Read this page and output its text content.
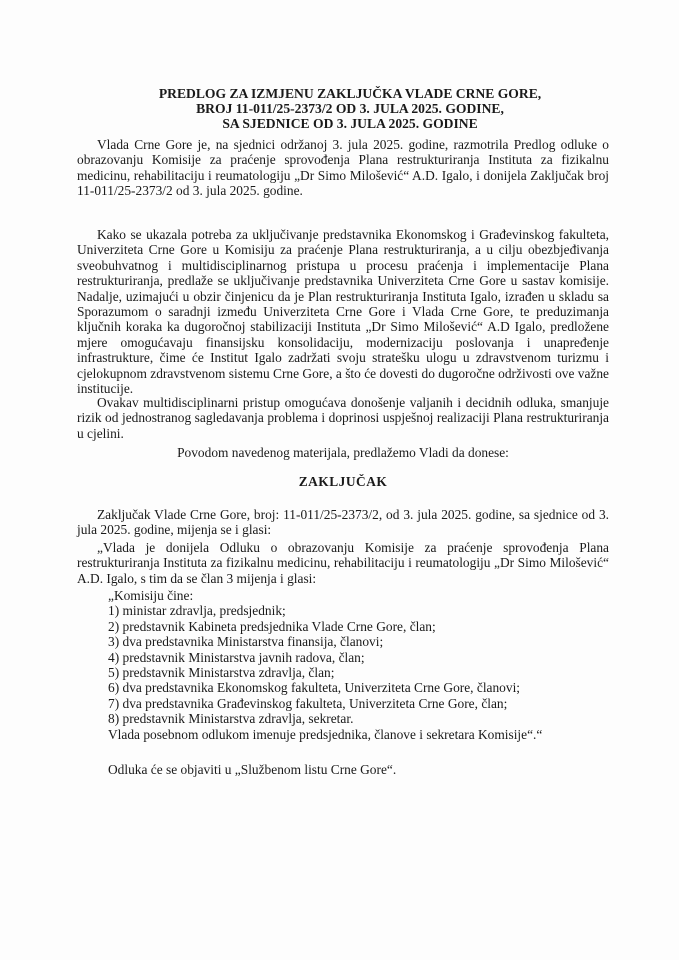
PREDLOG ZA IZMJENU ZAKLJUČKA VLADE CRNE GORE,
BROJ 11-011/25-2373/2 OD 3. JULA 2025. GODINE,
SA SJEDNICE OD 3. JULA 2025. GODINE
Vlada Crne Gore je, na sjednici održanoj 3. jula 2025. godine, razmotrila Predlog odluke o obrazovanju Komisije za praćenje sprovođenja Plana restrukturiranja Instituta za fizikalnu medicinu, rehabilitaciju i reumatologiju „Dr Simo Milošević“ A.D. Igalo, i donijela Zaključak broj 11-011/25-2373/2 od 3. jula 2025. godine.
Kako se ukazala potreba za uključivanje predstavnika Ekonomskog i Građevinskog fakulteta, Univerziteta Crne Gore u Komisiju za praćenje Plana restrukturiranja, a u cilju obezbjeđivanja sveobuhvatnog i multidisciplinarnog pristupa u procesu praćenja i implementacije Plana restrukturiranja, predlaže se uključivanje predstavnika Univerziteta Crne Gore u sastav komisije. Nadalje, uzimajući u obzir činjenicu da je Plan restrukturiranja Instituta Igalo, izrađen u skladu sa Sporazumom o saradnji između Univerziteta Crne Gore i Vlada Crne Gore, te preduzimanja ključnih koraka ka dugoročnoj stabilizaciji Instituta „Dr Simo Milošević“ A.D Igalo, predložene mjere omogućavaju finansijsku konsolidaciju, modernizaciju poslovanja i unapređenje infrastrukture, čime će Institut Igalo zadržati svoju stratešku ulogu u zdravstvenom turizmu i cjelokupnom zdravstvenom sistemu Crne Gore, a što će dovesti do dugoročne održivosti ove važne institucije.
Ovakav multidisciplinarni pristup omogućava donošenje valjanih i decidnih odluka, smanjuje rizik od jednostranog sagledavanja problema i doprinosi uspješnoj realizaciji Plana restrukturiranja u cjelini.
Povodom navedenog materijala, predlažemo Vladi da donese:
ZAKLJUČAK
Zaključak Vlade Crne Gore, broj: 11-011/25-2373/2, od 3. jula 2025. godine, sa sjednice od 3. jula 2025. godine, mijenja se i glasi:
„Vlada je donijela Odluku o obrazovanju Komisije za praćenje sprovođenja Plana restrukturiranja Instituta za fizikalnu medicinu, rehabilitaciju i reumatologiju „Dr Simo Milošević“ A.D. Igalo, s tim da se član 3 mijenja i glasi:
„Komisiju čine:
1) ministar zdravlja, predsjednik;
2) predstavnik Kabineta predsjednika Vlade Crne Gore, član;
3) dva predstavnika Ministarstva finansija, članovi;
4) predstavnik Ministarstva javnih radova, član;
5) predstavnik Ministarstva zdravlja, član;
6) dva predstavnika Ekonomskog fakulteta, Univerziteta Crne Gore, članovi;
7) dva predstavnika Građevinskog fakulteta, Univerziteta Crne Gore, član;
8) predstavnik Ministarstva zdravlja, sekretar.
Vlada posebnom odlukom imenuje predsjednika, članove i sekretara Komisije“.“
Odluka će se objaviti u „Službenom listu Crne Gore“.
